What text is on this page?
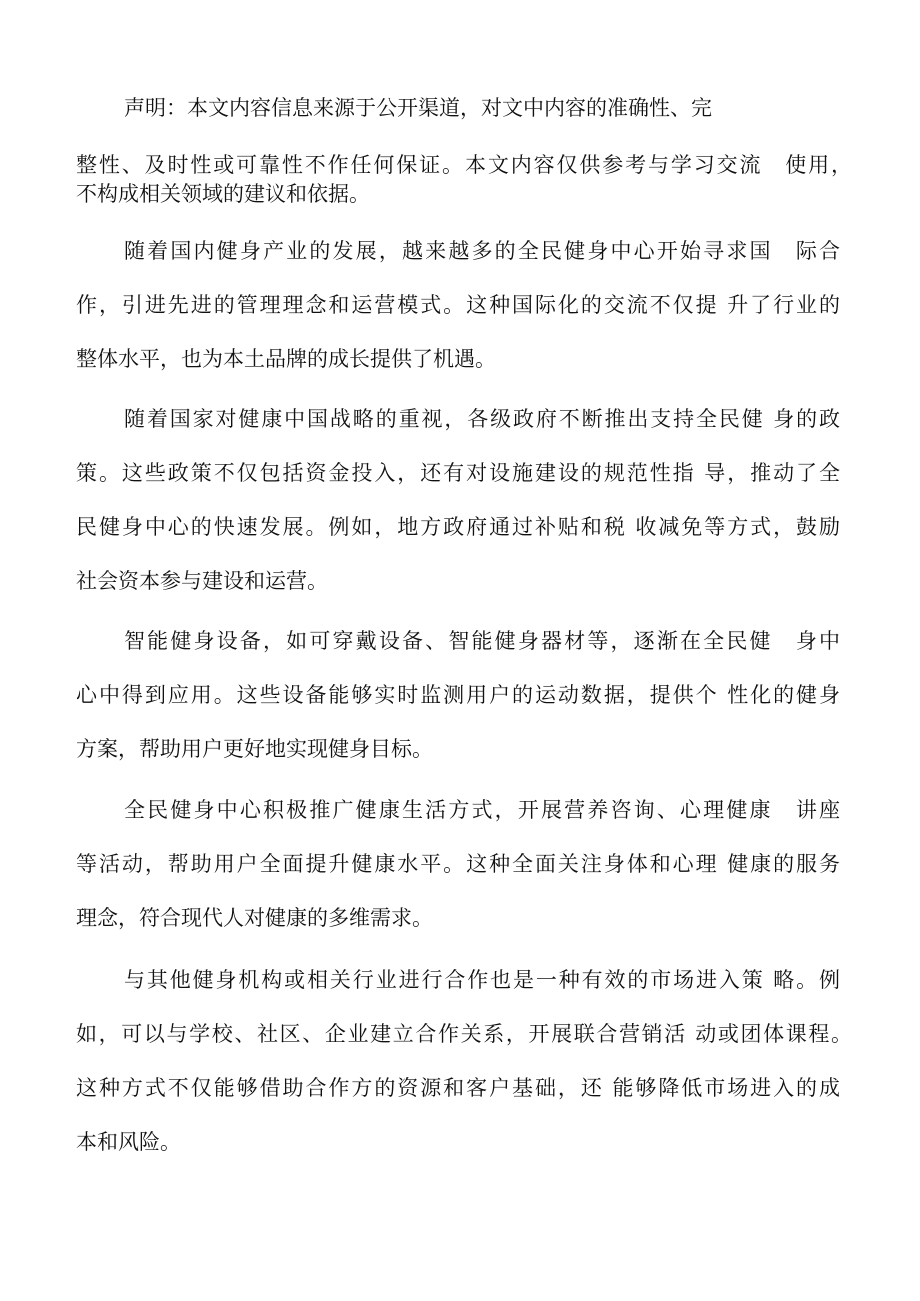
声明：本文内容信息来源于公开渠道，对文中内容的准确性、完
整性、及时性或可靠性不作任何保证。本文内容仅供参考与学习交流　使用，
不构成相关领域的建议和依据。
随着国内健身产业的发展，越来越多的全民健身中心开始寻求国　际合
作，引进先进的管理理念和运营模式。这种国际化的交流不仅提 升了行业的
整体水平，也为本土品牌的成长提供了机遇。
随着国家对健康中国战略的重视，各级政府不断推出支持全民健 身的政
策。这些政策不仅包括资金投入，还有对设施建设的规范性指 导，推动了全
民健身中心的快速发展。例如，地方政府通过补贴和税 收减免等方式，鼓励
社会资本参与建设和运营。
智能健身设备，如可穿戴设备、智能健身器材等，逐渐在全民健　身中
心中得到应用。这些设备能够实时监测用户的运动数据，提供个 性化的健身
方案，帮助用户更好地实现健身目标。
全民健身中心积极推广健康生活方式，开展营养咨询、心理健康　讲座
等活动，帮助用户全面提升健康水平。这种全面关注身体和心理 健康的服务
理念，符合现代人对健康的多维需求。
与其他健身机构或相关行业进行合作也是一种有效的市场进入策 略。例
如，可以与学校、社区、企业建立合作关系，开展联合营销活 动或团体课程。
这种方式不仅能够借助合作方的资源和客户基础，还 能够降低市场进入的成
本和风险。
